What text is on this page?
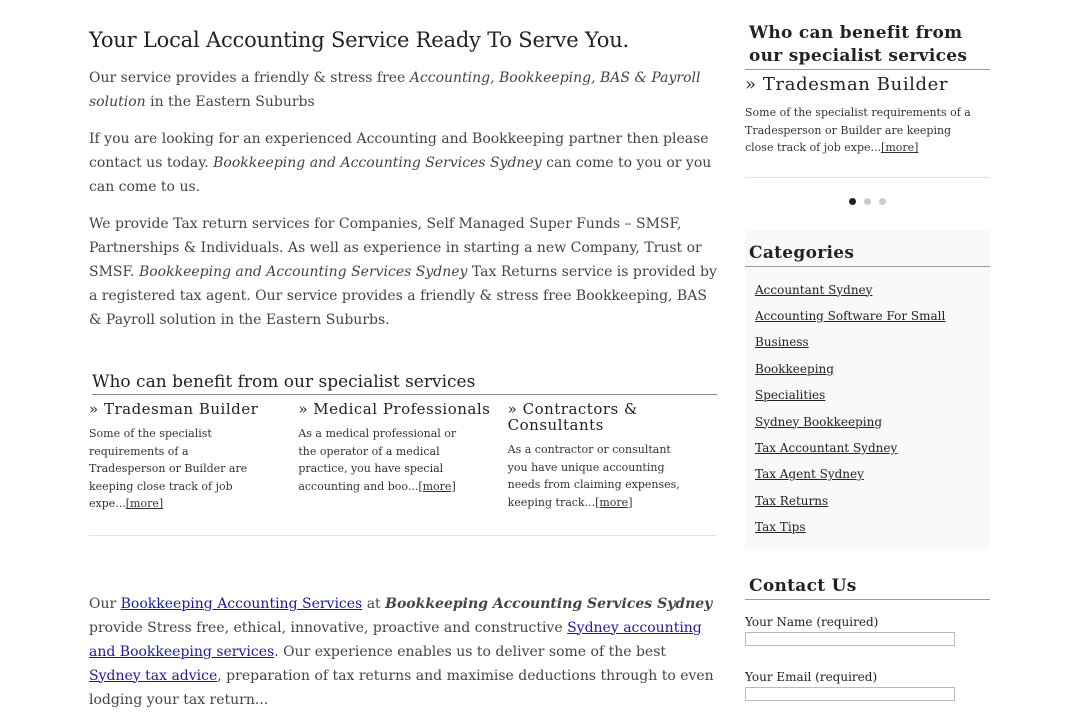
Your Local Accounting Service Ready To Serve You.

Our service provides a friendly & stress free Accounting, Bookkeeping, BAS & Payroll solution in the Eastern Suburbs

If you are looking for an experienced Accounting and Bookkeeping partner then please contact us today. Bookkeeping and Accounting Services Sydney can come to you or you can come to us.

We provide Tax return services for Companies, Self Managed Super Funds – SMSF, Partnerships & Individuals. As well as experience in starting a new Company, Trust or SMSF. Bookkeeping and Accounting Services Sydney Tax Returns service is provided by a registered tax agent. Our service provides a friendly & stress free Bookkeeping, BAS & Payroll solution in the Eastern Suburbs.

Who can benefit from our specialist services
» Tradesman Builder

Some of the specialist requirements of a Tradesperson or Builder are keeping close track of job expe...[more]

» Medical Professionals

As a medical professional or the operator of a medical practice, you have special accounting and boo...[more]

» Contractors & Consultants

As a contractor or consultant you have unique accounting needs from claiming expenses, keeping track...[more]

Our Bookkeeping Accounting Services at Bookkeeping Accounting Services Sydney provide Stress free, ethical, innovative, proactive and constructive Sydney accounting and Bookkeeping services. Our experience enables us to deliver some of the best Sydney tax advice, preparation of tax returns and maximise deductions through to even lodging your tax return...
Who can benefit from our specialist services
» Tradesman Builder

Some of the specialist requirements of a Tradesperson or Builder are keeping close track of job expe...[more]

Categories
Accountant Sydney
Accounting Software For Small Business
Bookkeeping
Specialities
Sydney Bookkeeping
Tax Accountant Sydney
Tax Agent Sydney
Tax Returns
Tax Tips
Contact Us
Your Name (required)
Your Email (required)
